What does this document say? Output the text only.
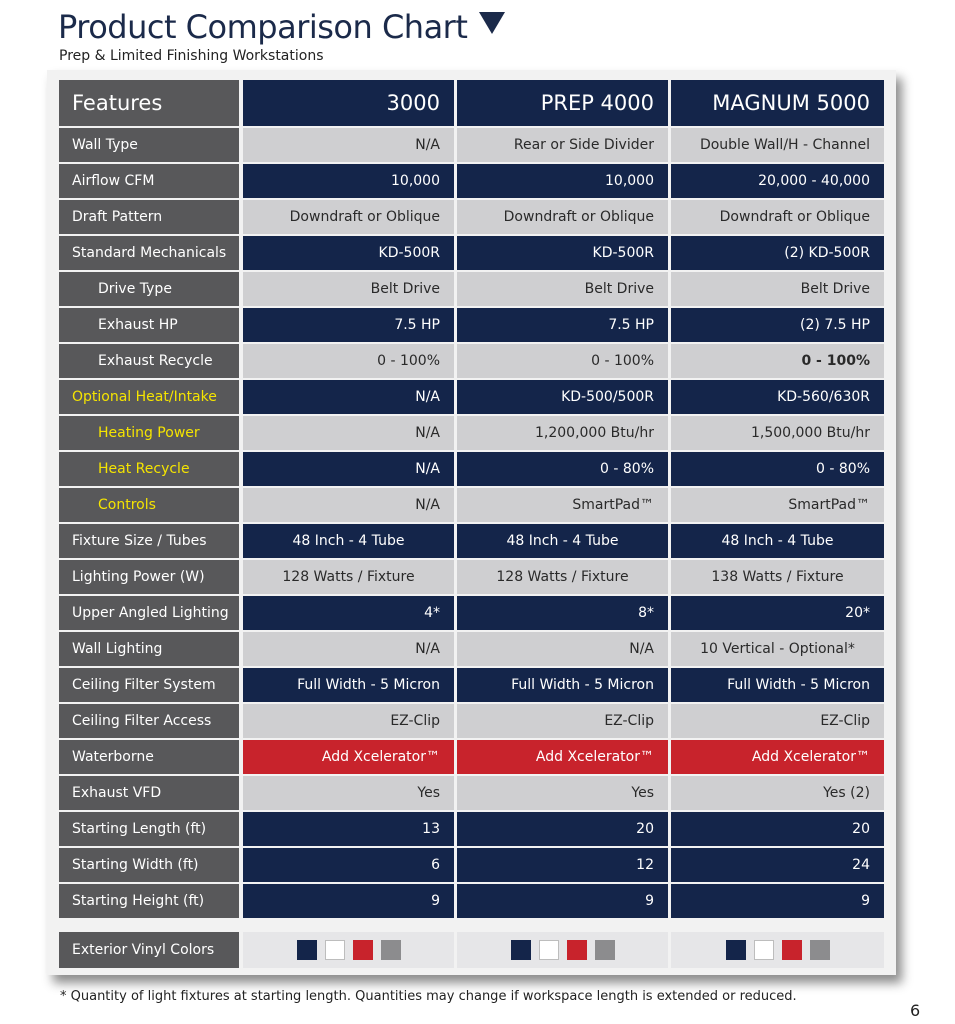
Product Comparison Chart
Prep & Limited Finishing Workstations
Features	3000	PREP 4000	MAGNUM 5000
Wall Type	N/A	Rear or Side Divider	Double Wall/H - Channel
Airflow CFM	10,000	10,000	20,000 - 40,000
Draft Pattern	Downdraft or Oblique	Downdraft or Oblique	Downdraft or Oblique
Standard Mechanicals	KD-500R	KD-500R	(2) KD-500R
Drive Type	Belt Drive	Belt Drive	Belt Drive
Exhaust HP	7.5 HP	7.5 HP	(2) 7.5 HP
Exhaust Recycle	0 - 100%	0 - 100%	0 - 100%
Optional Heat/Intake	N/A	KD-500/500R	KD-560/630R
Heating Power	N/A	1,200,000 Btu/hr	1,500,000 Btu/hr
Heat Recycle	N/A	0 - 80%	0 - 80%
Controls	N/A	SmartPad™	SmartPad™
Fixture Size / Tubes	48 Inch - 4 Tube	48 Inch - 4 Tube	48 Inch - 4 Tube
Lighting Power (W)	128 Watts / Fixture	128 Watts / Fixture	138 Watts / Fixture
Upper Angled Lighting	4*	8*	20*
Wall Lighting	N/A	N/A	10 Vertical - Optional*
Ceiling Filter System	Full Width - 5 Micron	Full Width - 5 Micron	Full Width - 5 Micron
Ceiling Filter Access	EZ-Clip	EZ-Clip	EZ-Clip
Waterborne	Add Xcelerator™	Add Xcelerator™	Add Xcelerator™
Exhaust VFD	Yes	Yes	Yes (2)
Starting Length (ft)	13	20	20
Starting Width (ft)	6	12	24
Starting Height (ft)	9	9	9
Exterior Vinyl Colors
* Quantity of light fixtures at starting length. Quantities may change if workspace length is extended or reduced.
6
